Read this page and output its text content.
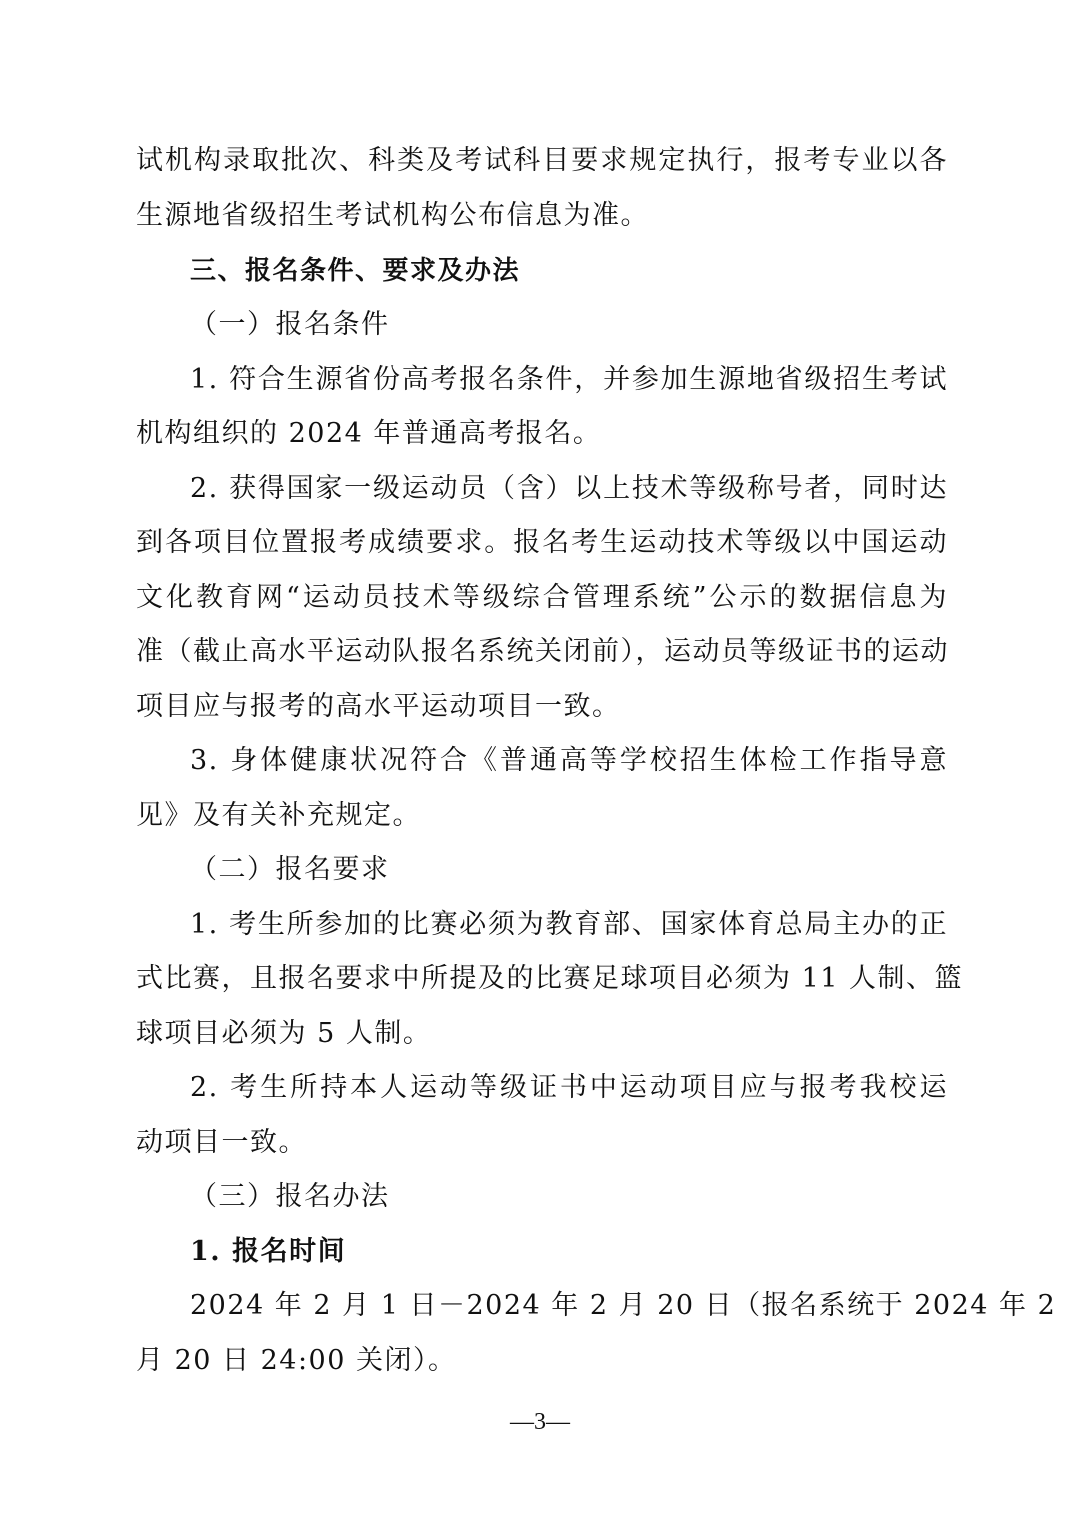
试机构录取批次、科类及考试科目要求规定执行，报考专业以各

生源地省级招生考试机构公布信息为准。

三、报名条件、要求及办法

（一）报名条件

1. 符合生源省份高考报名条件，并参加生源地省级招生考试

机构组织的 2024 年普通高考报名。

2. 获得国家一级运动员（含）以上技术等级称号者，同时达

到各项目位置报考成绩要求。报名考生运动技术等级以中国运动

文化教育网“运动员技术等级综合管理系统”公示的数据信息为

准（截止高水平运动队报名系统关闭前），运动员等级证书的运动

项目应与报考的高水平运动项目一致。

3. 身体健康状况符合《普通高等学校招生体检工作指导意

见》及有关补充规定。

（二）报名要求

1. 考生所参加的比赛必须为教育部、国家体育总局主办的正

式比赛，且报名要求中所提及的比赛足球项目必须为 11 人制、篮

球项目必须为 5 人制。

2. 考生所持本人运动等级证书中运动项目应与报考我校运

动项目一致。

（三）报名办法

1. 报名时间

2024 年 2 月 1 日－2024 年 2 月 20 日（报名系统于 2024 年 2

月 20 日 24:00 关闭）。

—3—
